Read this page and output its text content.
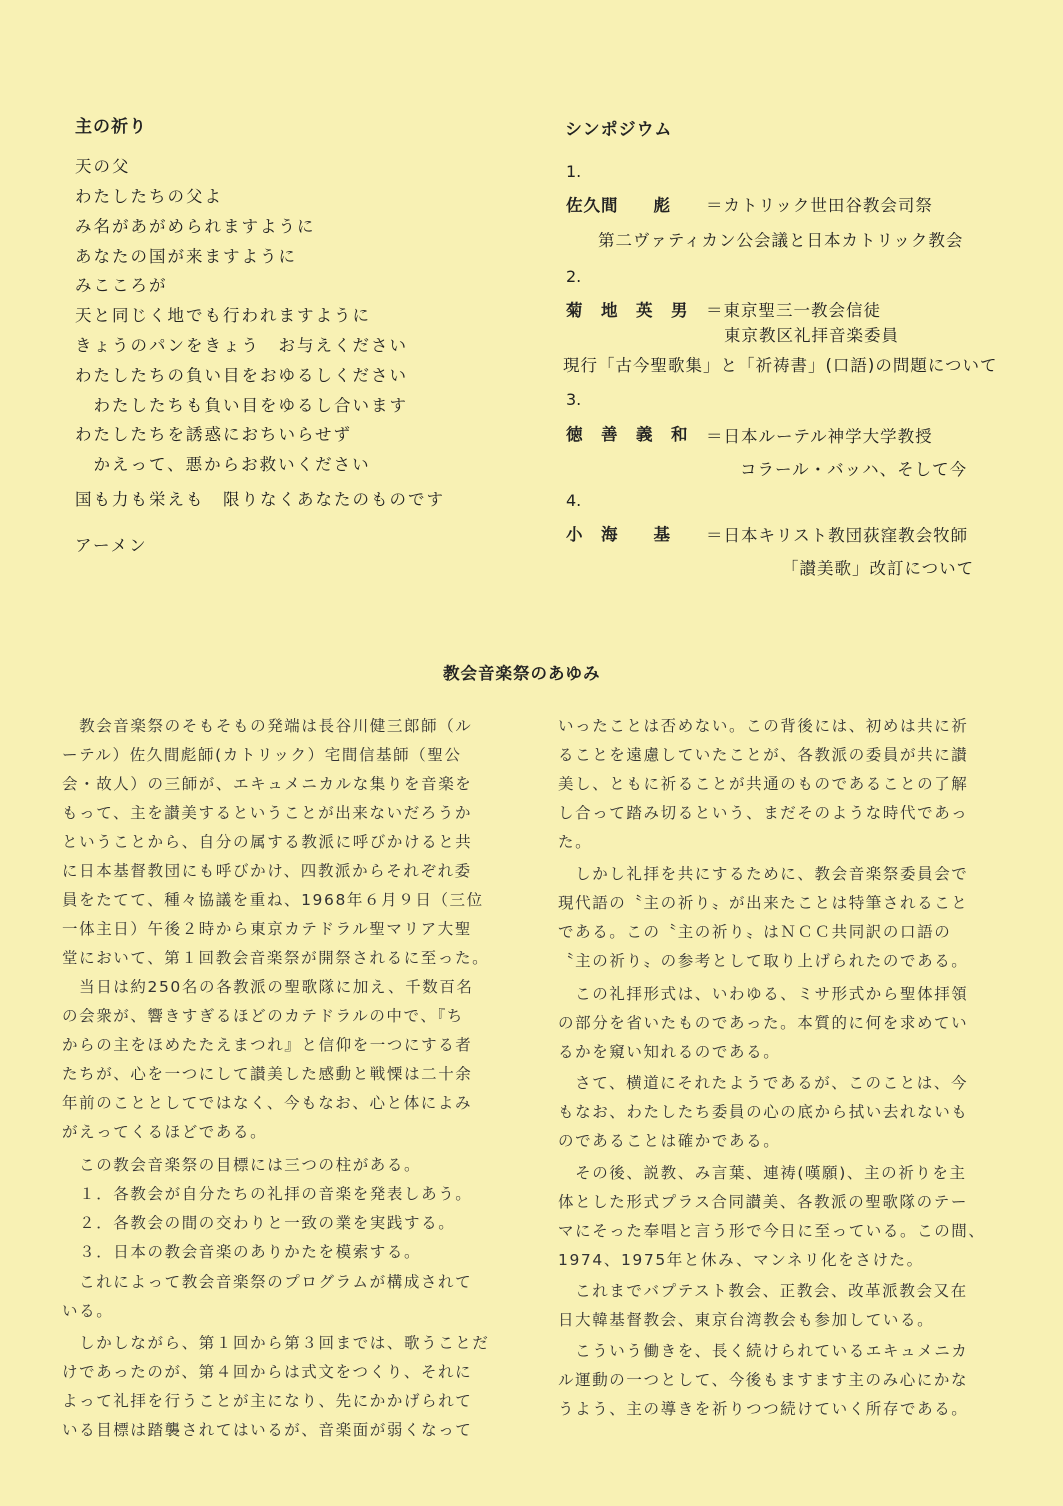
主の祈り
天の父
わたしたちの父よ
み名があがめられますように
あなたの国が来ますように
みこころが
天と同じく地でも行われますように
きょうのパンをきょう　お与えください
わたしたちの負い目をおゆるしください
　わたしたちも負い目をゆるし合います
わたしたちを誘惑におちいらせず
　かえって、悪からお救いください
国も力も栄えも　限りなくあなたのものです
アーメン
シンポジウム
1.
佐久間　　彪 ＝カトリック世田谷教会司祭
第二ヴァティカン公会議と日本カトリック教会
2.
菊　地　英　男 ＝東京聖三一教会信徒
東京教区礼拝音楽委員
現行「古今聖歌集」と「祈祷書」(口語)の問題について
3.
徳　善　義　和 ＝日本ルーテル神学大学教授
コラール・バッハ、そして今
4.
小　海　　基 ＝日本キリスト教団荻窪教会牧師
「讃美歌」改訂について
教会音楽祭のあゆみ
　教会音楽祭のそもそもの発端は長谷川健三郎師（ル
ーテル）佐久間彪師(カトリック）宅間信基師（聖公
会・故人）の三師が、エキュメニカルな集りを音楽を
もって、主を讃美するということが出来ないだろうか
ということから、自分の属する教派に呼びかけると共
に日本基督教団にも呼びかけ、四教派からそれぞれ委
員をたてて、種々協議を重ね、1968年６月９日（三位
一体主日）午後２時から東京カテドラル聖マリア大聖
堂において、第１回教会音楽祭が開祭されるに至った。
　当日は約250名の各教派の聖歌隊に加え、千数百名
の会衆が、響きすぎるほどのカテドラルの中で、『ち
からの主をほめたたえまつれ』と信仰を一つにする者
たちが、心を一つにして讃美した感動と戦慄は二十余
年前のこととしてではなく、今もなお、心と体によみ
がえってくるほどである。
　この教会音楽祭の目標には三つの柱がある。
　１．各教会が自分たちの礼拝の音楽を発表しあう。
　２．各教会の間の交わりと一致の業を実践する。
　３．日本の教会音楽のありかたを模索する。
　これによって教会音楽祭のプログラムが構成されて
いる。
　しかしながら、第１回から第３回までは、歌うことだ
けであったのが、第４回からは式文をつくり、それに
よって礼拝を行うことが主になり、先にかかげられて
いる目標は踏襲されてはいるが、音楽面が弱くなって
いったことは否めない。この背後には、初めは共に祈
ることを遠慮していたことが、各教派の委員が共に讃
美し、ともに祈ることが共通のものであることの了解
し合って踏み切るという、まだそのような時代であっ
た。
　しかし礼拝を共にするために、教会音楽祭委員会で
現代語の〝主の祈り〟が出来たことは特筆されること
である。この〝主の祈り〟はＮＣＣ共同訳の口語の
〝主の祈り〟の参考として取り上げられたのである。
　この礼拝形式は、いわゆる、ミサ形式から聖体拝領
の部分を省いたものであった。本質的に何を求めてい
るかを窺い知れるのである。
　さて、横道にそれたようであるが、このことは、今
もなお、わたしたち委員の心の底から拭い去れないも
のであることは確かである。
　その後、説教、み言葉、連祷(嘆願)、主の祈りを主
体とした形式プラス合同讃美、各教派の聖歌隊のテー
マにそった奉唱と言う形で今日に至っている。この間、
1974、1975年と休み、マンネリ化をさけた。
　これまでバプテスト教会、正教会、改革派教会又在
日大韓基督教会、東京台湾教会も参加している。
　こういう働きを、長く続けられているエキュメニカ
ル運動の一つとして、今後もますます主のみ心にかな
うよう、主の導きを祈りつつ続けていく所存である。
